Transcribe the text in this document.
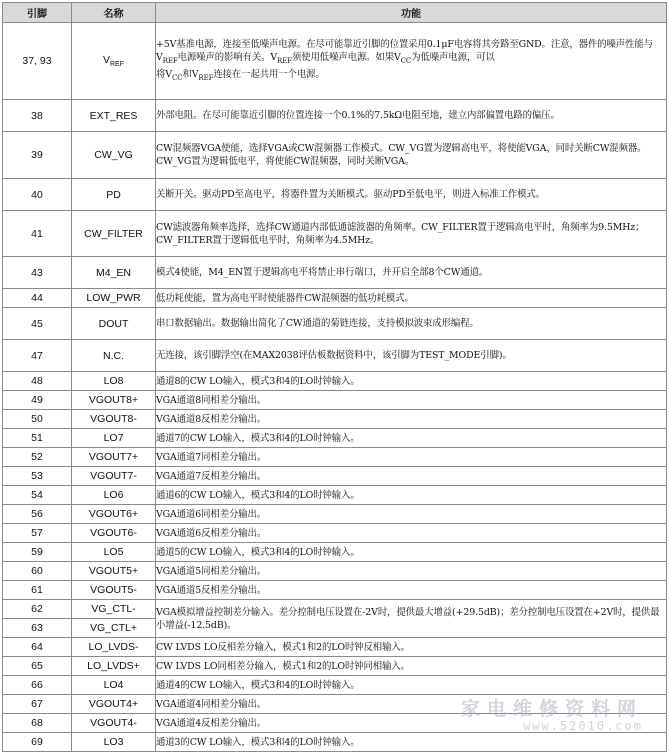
引脚	名称	功能
37, 93	$V_{REF}$	+5V基准电源，连接至低噪声电源。在尽可能靠近引脚的位置采用0.1μF电容将其旁路至GND。注意，器件的噪声性能与$V_{REF}$电源噪声的影响有关。$V_{REF}$须使用低噪声电源。如果$V_{CC}$为低噪声电源，可以
将$V_{CC}$和$V_{REF}$连接在一起共用一个电源。
38	EXT_RES	外部电阻。在尽可能靠近引脚的位置连接一个0.1%的7.5kΩ电阻至地，建立内部偏置电路的偏压。
39	CW_VG	CW混频器VGA使能，选择VGA或CW混频器工作模式。CW_VG置为逻辑高电平，将使能VGA，同时关断CW混频器。CW_VG置为逻辑低电平，将使能CW混频器，同时关断VGA。
40	PD	关断开关。驱动PD至高电平，将器件置为关断模式。驱动PD至低电平，则进入标准工作模式。
41	CW_FILTER	CW滤波器角频率选择，选择CW通道内部低通滤波器的角频率。CW_FILTER置于逻辑高电平时，角频率为9.5MHz；CW_FILTER置于逻辑低电平时，角频率为4.5MHz。
43	M4_EN	模式4使能，M4_EN置于逻辑高电平将禁止串行端口，并开启全部8个CW通道。
44	LOW_PWR	低功耗使能，置为高电平时使能器件CW混频器的低功耗模式。
45	DOUT	串口数据输出。数据输出简化了CW通道的菊链连接，支持模拟波束成形编程。
47	N.C.	无连接，该引脚浮空(在MAX2038评估板数据资料中，该引脚为TEST_MODE引脚)。
48	LO8	通道8的CW LO输入，模式3和4的LO时钟输入。
49	VGOUT8+	VGA通道8同相差分输出。
50	VGOUT8-	VGA通道8反相差分输出。
51	LO7	通道7的CW LO输入，模式3和4的LO时钟输入。
52	VGOUT7+	VGA通道7同相差分输出。
53	VGOUT7-	VGA通道7反相差分输出。
54	LO6	通道6的CW LO输入，模式3和4的LO时钟输入。
56	VGOUT6+	VGA通道6同相差分输出。
57	VGOUT6-	VGA通道6反相差分输出。
59	LO5	通道5的CW LO输入，模式3和4的LO时钟输入。
60	VGOUT5+	VGA通道5同相差分输出。
61	VGOUT5-	VGA通道5反相差分输出。
62	VG_CTL-	VGA模拟增益控制差分输入。差分控制电压设置在-2V时，提供最大增益(+29.5dB)；差分控制电压设置在+2V时，提供最小增益(-12.5dB)。
63	VG_CTL+	
64	LO_LVDS-	CW LVDS LO反相差分输入，模式1和2的LO时钟反相输入。
65	LO_LVDS+	CW LVDS LO同相差分输入，模式1和2的LO时钟同相输入。
66	LO4	通道4的CW LO输入，模式3和4的LO时钟输入。
67	VGOUT4+	VGA通道4同相差分输出。
68	VGOUT4-	VGA通道4反相差分输出。
69	LO3	通道3的CW LO输入，模式3和4的LO时钟输入。
家电维修资料网
www.52010.com
